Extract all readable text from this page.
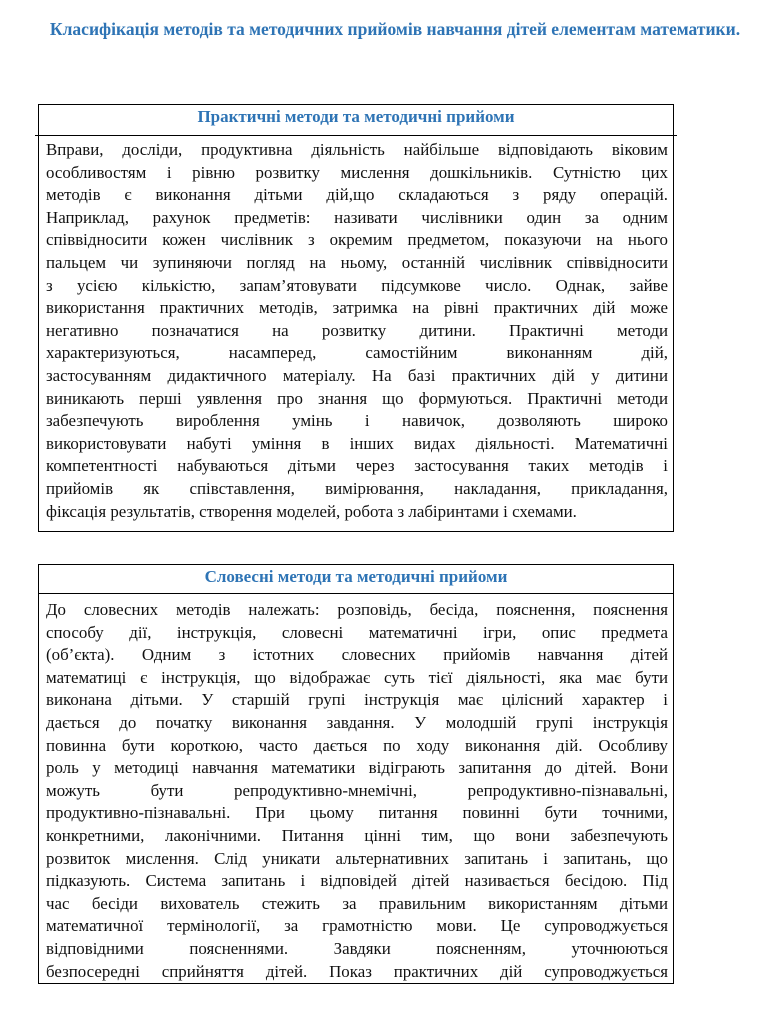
Класифікація методів та методичних прийомів навчання дітей елементам математики.
Практичні методи та методичні прийоми
Вправи, досліди, продуктивна діяльність найбільше відповідають віковим
особливостям і рівню розвитку мислення дошкільників. Сутністю цих
методів є виконання дітьми дій,що складаються з ряду операцій.
Наприклад, рахунок предметів: називати числівники один за одним
співвідносити кожен числівник з окремим предметом, показуючи на нього
пальцем чи зупиняючи погляд на ньому, останній числівник співвідносити
з усією кількістю, запам’ятовувати підсумкове число. Однак, зайве
використання практичних методів, затримка на рівні практичних дій може
негативно позначатися на розвитку дитини. Практичні методи
характеризуються, насамперед, самостійним виконанням дій,
застосуванням дидактичного матеріалу. На базі практичних дій у дитини
виникають перші уявлення про знання що формуються. Практичні методи
забезпечують вироблення умінь і навичок, дозволяють широко
використовувати набуті уміння в інших видах діяльності. Математичні
компетентності набуваються дітьми через застосування таких методів і
прийомів як співставлення, вимірювання, накладання, прикладання,
фіксація результатів, створення моделей, робота з лабіринтами і схемами.
Словесні методи та методичні прийоми
До словесних методів належать: розповідь, бесіда, пояснення, пояснення
способу дії, інструкція, словесні математичні ігри, опис предмета
(об’єкта). Одним з істотних словесних прийомів навчання дітей
математиці є інструкція, що відображає суть тієї діяльності, яка має бути
виконана дітьми. У старшій групі інструкція має цілісний характер і
дається до початку виконання завдання. У молодшій групі інструкція
повинна бути короткою, часто дається по ходу виконання дій. Особливу
роль у методиці навчання математики відіграють запитання до дітей. Вони
можуть бути репродуктивно-мнемічні, репродуктивно-пізнавальні,
продуктивно-пізнавальні. При цьому питання повинні бути точними,
конкретними, лаконічними. Питання цінні тим, що вони забезпечують
розвиток мислення. Слід уникати альтернативних запитань і запитань, що
підказують. Система запитань і відповідей дітей називається бесідою. Під
час бесіди вихователь стежить за правильним використанням дітьми
математичної термінології, за грамотністю мови. Це супроводжується
відповідними поясненнями. Завдяки поясненням, уточнюються
безпосередні сприйняття дітей. Показ практичних дій супроводжується
